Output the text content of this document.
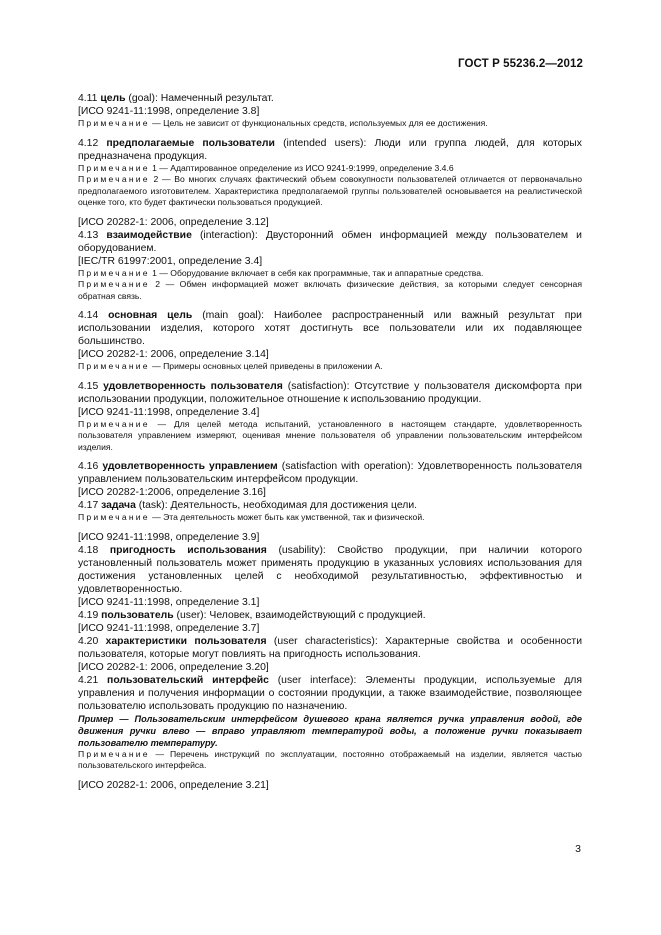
ГОСТ Р 55236.2—2012

4.11 цель (goal): Намеченный результат.

[ИСО 9241-11:1998, определение 3.8]

Примечание — Цель не зависит от функциональных средств, используемых для ее достижения.

4.12 предполагаемые пользователи (intended users): Люди или группа людей, для которых предназначена продукция.

Примечание 1 — Адаптированное определение из ИСО 9241-9:1999, определение 3.4.6

Примечание 2 — Во многих случаях фактический объем совокупности пользователей отличается от первоначально предполагаемого изготовителем. Характеристика предполагаемой группы пользователей основывается на реалистической оценке того, кто будет фактически пользоваться продукцией.

[ИСО 20282-1: 2006, определение 3.12]

4.13 взаимодействие (interaction): Двусторонний обмен информацией между пользователем и оборудованием.

[IEC/TR 61997:2001, определение 3.4]

Примечание 1 — Оборудование включает в себя как программные, так и аппаратные средства.

Примечание 2 — Обмен информацией может включать физические действия, за которыми следует сенсорная обратная связь.

4.14 основная цель (main goal): Наиболее распространенный или важный результат при использовании изделия, которого хотят достигнуть все пользователи или их подавляющее большинство.

[ИСО 20282-1: 2006, определение 3.14]

Примечание — Примеры основных целей приведены в приложении А.

4.15 удовлетворенность пользователя (satisfaction): Отсутствие у пользователя дискомфорта при использовании продукции, положительное отношение к использованию продукции.

[ИСО 9241-11:1998, определение 3.4]

Примечание — Для целей метода испытаний, установленного в настоящем стандарте, удовлетворенность пользователя управлением измеряют, оценивая мнение пользователя об управлении пользовательским интерфейсом изделия.

4.16 удовлетворенность управлением (satisfaction with operation): Удовлетворенность пользователя управлением пользовательским интерфейсом продукции.

[ИСО 20282-1:2006, определение 3.16]

4.17 задача (task): Деятельность, необходимая для достижения цели.

Примечание — Эта деятельность может быть как умственной, так и физической.

[ИСО 9241-11:1998, определение 3.9]

4.18 пригодность использования (usability): Свойство продукции, при наличии которого установленный пользователь может применять продукцию в указанных условиях использования для достижения установленных целей с необходимой результативностью, эффективностью и удовлетворенностью.

[ИСО 9241-11:1998, определение 3.1]

4.19 пользователь (user): Человек, взаимодействующий с продукцией.

[ИСО 9241-11:1998, определение 3.7]

4.20 характеристики пользователя (user characteristics): Характерные свойства и особенности пользователя, которые могут повлиять на пригодность использования.

[ИСО 20282-1: 2006, определение 3.20]

4.21 пользовательский интерфейс (user interface): Элементы продукции, используемые для управления и получения информации о состоянии продукции, а также взаимодействие, позволяющее пользователю использовать продукцию по назначению.

Пример — Пользовательским интерфейсом душевого крана является ручка управления водой, где движения ручки влево — вправо управляют температурой воды, а положение ручки показывает пользователю температуру.

Примечание — Перечень инструкций по эксплуатации, постоянно отображаемый на изделии, является частью пользовательского интерфейса.

[ИСО 20282-1: 2006, определение 3.21]

3
